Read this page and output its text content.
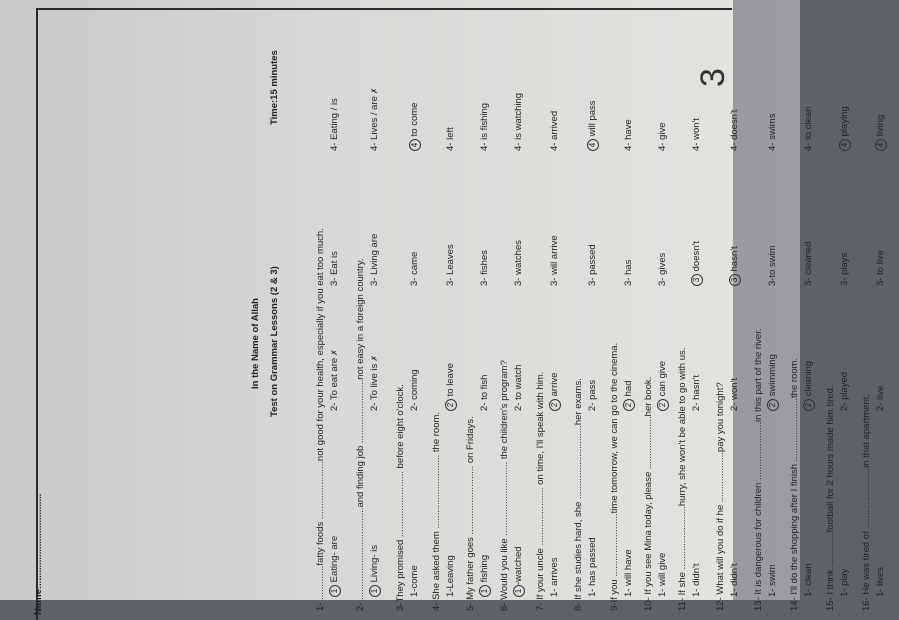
3
Name:...................................
In the Name of Allah Test on Grammar Lessons (2 & 3)
Time:15 minutes
1- .............fatty foods ......................not good for your health, especially if you eat too much. 1 Eating- are
2- To eat are✗
3- Eat is
4- Eating / is
2- ...................................and finding job ........................not easy in a foreign country. 1 Living- is
2- To live is✗
3- Living are
4- Lives / are✗
3-They promised ......................... before eight o'clock. 1-come
2- coming
3- came
4 to come
4- She asked them ............................ the room. 1-Leaving
2 to leave
3- Leaves
4- left
5- My father goes .......................... on Fridays. 1 fishing
2- to fish
3- fishes
4- is fishing
6- Would you like ............................ the children's program? 1-watched
2- to watch
3- watches
4- is watching
7- If your uncle ...................... on time, I'll speak with him. 1- arrives
2 arrive
3- will arrive
4- arrived
8- If she studies hard, she ............................her exams. 1- has passed
2- pass
3- passed
4 will pass
9-If you ........................time tomorrow, we can go to the cinema. 1- will have
2 had
3- has
4- have
10- If you see Mina today, please ....................her book. 1- will give
2 can give
3- gives
4- give
11- If she ........................hurry, she won't be able to go with us. 1- didn't
2- hasn't
3 doesn't
4- won't
12- What will you do if he ...................pay you tonight? 1- didn't
2- won't
3 hasn't
4- doesn't
13- It is dangerous for children ......................in this part of the river. 1- swim
2 swimming
3-to swim
4- swims
14- I'll do the shopping after I finish ........................the room. 1- clean
2 cleaning
3- cleaned
4- to clean
15- I think .............football for 2 hours made him tired. 1- play
2- played
3- plays
4 playing
16- He was tired of .......................in that apartment. 1- lives
2- live
3- to live
4 living
